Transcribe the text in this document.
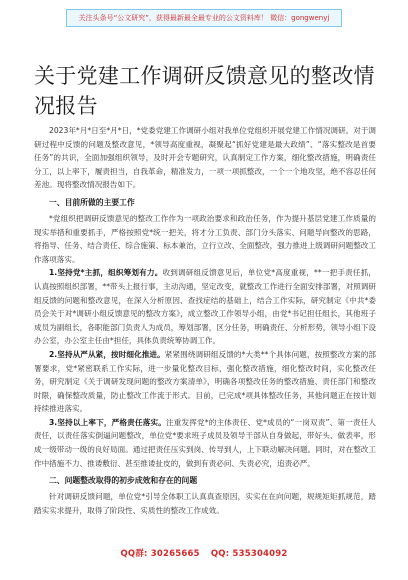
关注头条号“公文研究”，获得最新最全最专业的公文资料库！ 微信：gongwenyj
关于党建工作调研反馈意见的整改情况报告

2023年*月*日至*月*日，*党委党建工作调研小组对我单位党组织开展党建工作情况调研。对于调研过程中反馈的问题及整改意见，*领导高度重视，凝聚起“抓好党建是最大政绩”、“落实整改是首要任务”的共识，全面加强组织领导，及时开会专题研究，认真制定工作方案，细化整改措施，明确责任分工，以上率下，履责担当，自我革命，精准发力，一项一项抓整改，一个一个地攻坚，绝不容忍任何差池。现将整改情况报告如下。

一、目前所做的主要工作

*党组织把调研反馈意见的整改工作作为一项政治要求和政治任务，作为提升基层党建工作质量的现实举措和重要抓手，严格按照党*统一把关，将才分工负责、部门分头落实、问题导向整改的思路，将指导、任务、结合责任、综合施策、标本兼治，立行立改、全面整改，强力推进上级调研问题整改工作落项落实。

1.坚持党*主抓，组织筹划有力。收到调研组反馈意见后，单位党*高度重视，**一把手责任抓，认真按照组织部署，**带头上报行事，主动沟通，坚定改变，就整改工作进行全面安排部署，对照调研组反馈的问题和整改意见，在深入分析原因、查找症结的基础上，结合工作实际，研究制定《中共*委员会关于对*调研小组反馈意见的整改方案》，成立整改工作领导小组，由党*书记担任组长，其他班子成员为副组长，各职能部门负责人为成员，筹划部署，区分任务，明确责任、分析形势，领导小组下设办公室，办公室主任由*担任，具体负责统筹协调工作。

2.坚持从严从紧，按时细化推进。紧紧围绕调研组反馈的*大类**个具体问题，按照整改方案的部署要求，党*紧密联系工作实际，进一步量化整改目标，强化整改措施，细化整改时间，实化整改任务，研究制定《关于调研发现问题的整改方案清单》，明确各项整改任务的整改措施、责任部门和整改时限，确保整改质量，防止整改工作流于形式。目前，已完成*项具体整改任务，其他问题正在按计划持续推进落实。

3.坚持以上率下，严格责任落实。注重发挥党*的主体责任、党*成员的“一岗双责”、第一责任人责任，以责任落实倒逼问题整改，单位党*要求班子成员及领导干部从自身做起，带好头、做表率，形成一级带动一级的良好局面。通过把责任压实到岗、传导到人，上下联动解决问题。同时，对在整改工作中措施不力、推诿敷衍、甚至推诿扯皮的，做到有责必问、失责必究，追责必严。

二、问题整改取得的初步成效和存在的问题

针对调研反馈问题，单位党*引导全体职工认真真查原因，实实在在向问题，规规矩矩抓规范，踏踏实实求提升，取得了阶段性、实质性的整改工作成效。

QQ群: 30265665 QQ: 535304092
